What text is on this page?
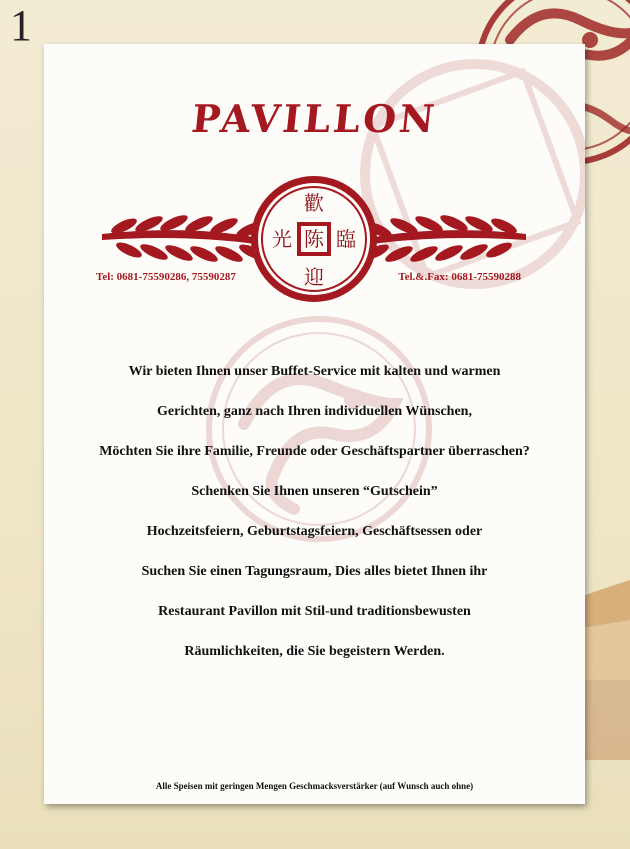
1
PAVILLON
歡
光 陈 臨
迎
Tel: 0681-75590286, 75590287	Tel.&.Fax: 0681-75590288
Wir bieten Ihnen unser Buffet-Service mit kalten und warmen
Gerichten, ganz nach Ihren individuellen Wünschen,
Möchten Sie ihre Familie, Freunde oder Geschäftspartner überraschen?
Schenken Sie Ihnen unseren “Gutschein”
Hochzeitsfeiern, Geburtstagsfeiern, Geschäftsessen oder
Suchen Sie einen Tagungsraum, Dies alles bietet Ihnen ihr
Restaurant Pavillon mit Stil-und traditionsbewusten
Räumlichkeiten, die Sie begeistern Werden.
Alle Speisen mit geringen Mengen Geschmacksverstärker (auf Wunsch auch ohne)
